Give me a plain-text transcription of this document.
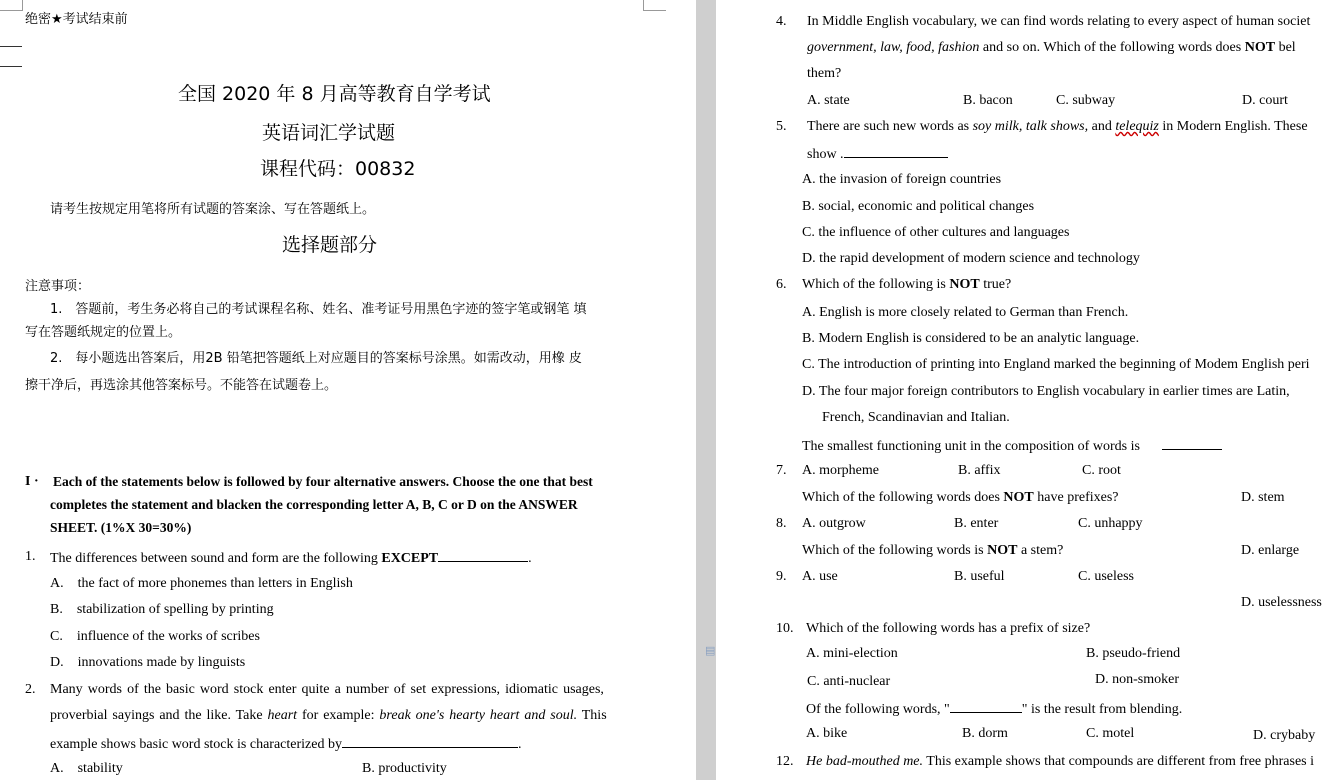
绝密★考试结束前
全国 2020 年 8 月高等教育自学考试
英语词汇学试题
课程代码：00832
请考生按规定用笔将所有试题的答案涂、写在答题纸上。
选择题部分
注意事项：
1.　答题前，考生务必将自己的考试课程名称、姓名、准考证号用黑色字迹的签字笔或钢笔 填
写在答题纸规定的位置上。
2.　每小题选出答案后，用2B 铅笔把答题纸上对应题目的答案标号涂黑。如需改动，用橡 皮
擦干净后，再选涂其他答案标号。不能答在试题卷上。
I · Each of the statements below is followed by four alternative answers. Choose the one that best
completes the statement and blacken the corresponding letter A, B, C or D on the ANSWER
SHEET. (1%X 30=30%)
1. The differences between sound and form are the following EXCEPT	.
A.　the fact of more phonemes than letters in English
B.　stabilization of spelling by printing
C.　influence of the works of scribes
D.　innovations made by linguists
2. Many words of the basic word stock enter quite a number of set expressions, idiomatic usages,
proverbial sayings and the like. Take heart for example: break one's hearty heart and soul. This
example shows basic word stock is characterized by	.
A.　stability	B. productivity
▤
4. In Middle English vocabulary, we can find words relating to every aspect of human societ
government, law, food, fashion and so on. Which of the following words does NOT bel
them?
A. state	B. bacon	C. subway	D. court
5. There are such new words as soy milk, talk shows, and telequiz in Modern English. These
show .
A. the invasion of foreign countries
B. social, economic and political changes
C. the influence of other cultures and languages
D. the rapid development of modern science and technology
6. Which of the following is NOT true?
A. English is more closely related to German than French.
B. Modern English is considered to be an analytic language.
C. The introduction of printing into England marked the beginning of Modem English peri
D. The four major foreign contributors to English vocabulary in earlier times are Latin,
French, Scandinavian and Italian.
The smallest functioning unit in the composition of words is
7. A. morpheme	B. affix	C. root
Which of the following words does NOT have prefixes?	D. stem
8. A. outgrow	B. enter	C. unhappy
Which of the following words is NOT a stem?	D. enlarge
9. A. use	B. useful	C. useless
D. uselessness
10. Which of the following words has a prefix of size?
A. mini-election	B. pseudo-friend
C. anti-nuclear	D. non-smoker
Of the following words, "	" is the result from blending.
A. bike	B. dorm	C. motel	D. crybaby
12. He bad-mouthed me. This example shows that compounds are different from free phrases i
